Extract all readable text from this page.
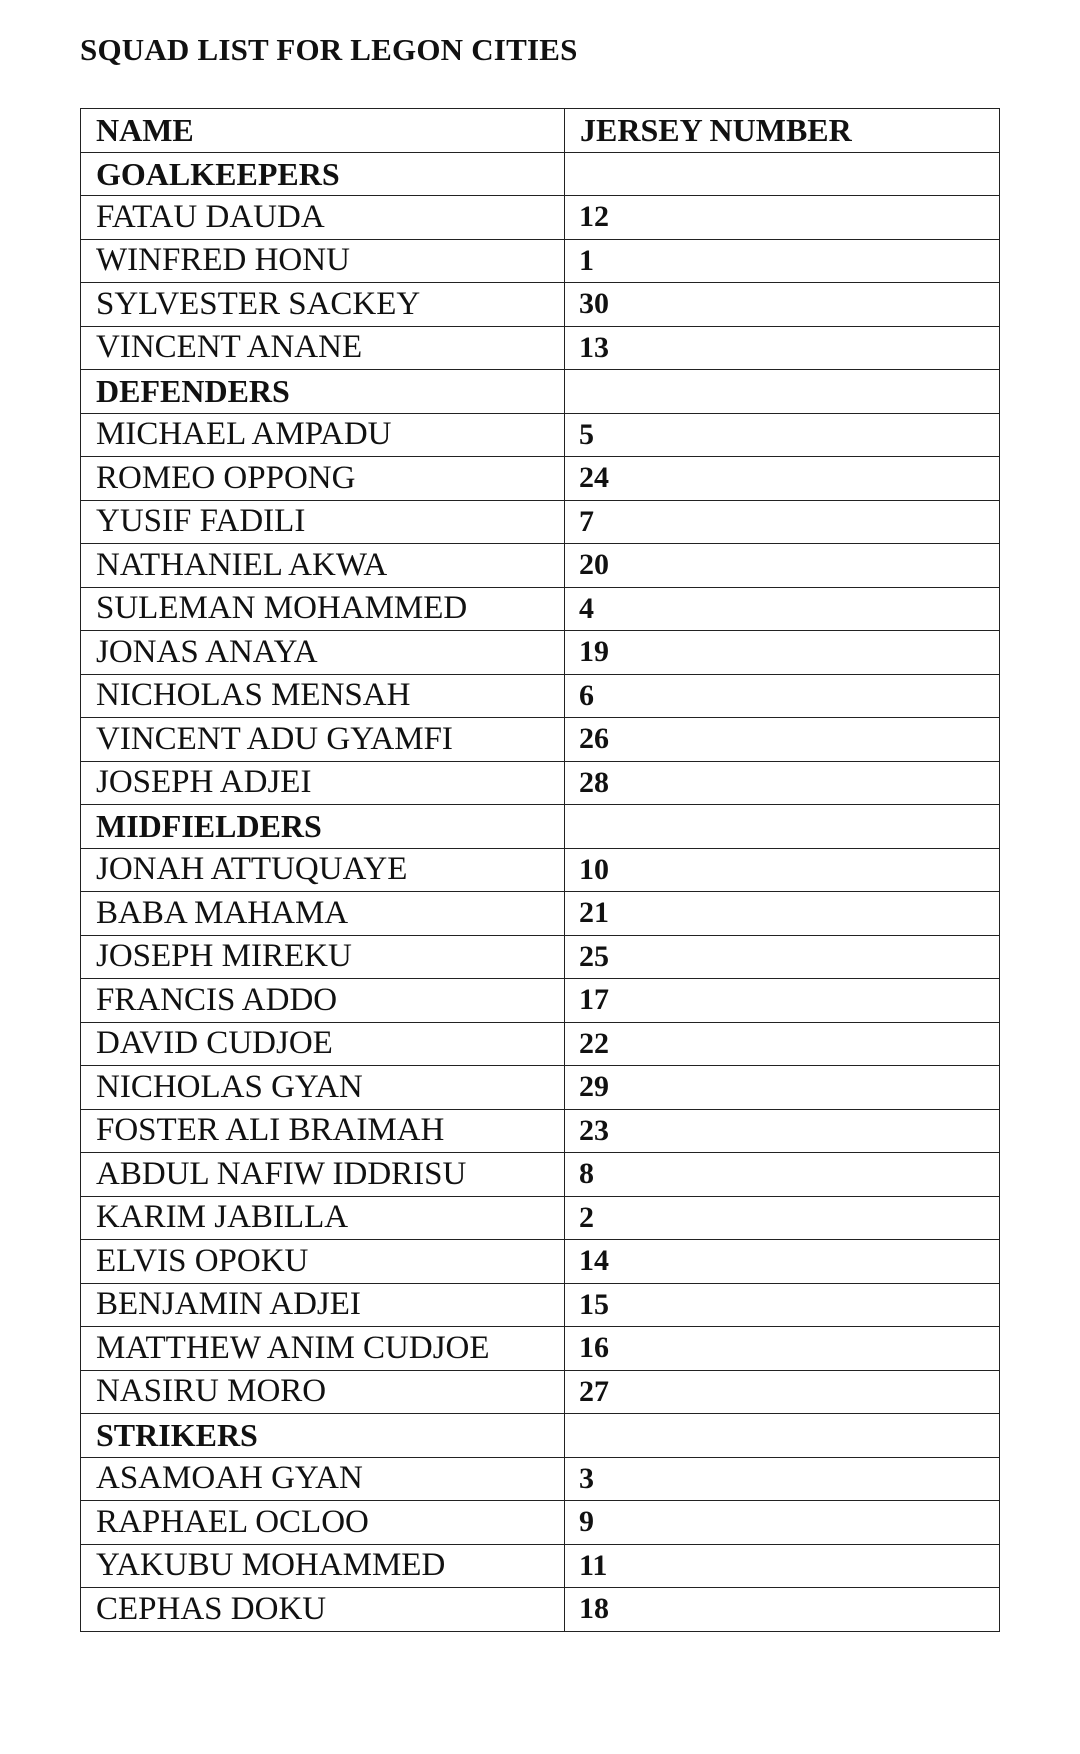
SQUAD LIST FOR LEGON CITIES
NAME	JERSEY NUMBER
GOALKEEPERS	
FATAU DAUDA	12
WINFRED HONU	1
SYLVESTER SACKEY	30
VINCENT ANANE	13
DEFENDERS	
MICHAEL AMPADU	5
ROMEO OPPONG	24
YUSIF FADILI	7
NATHANIEL AKWA	20
SULEMAN MOHAMMED	4
JONAS ANAYA	19
NICHOLAS MENSAH	6
VINCENT ADU GYAMFI	26
JOSEPH ADJEI	28
MIDFIELDERS	
JONAH ATTUQUAYE	10
BABA MAHAMA	21
JOSEPH MIREKU	25
FRANCIS ADDO	17
DAVID CUDJOE	22
NICHOLAS GYAN	29
FOSTER ALI BRAIMAH	23
ABDUL NAFIW IDDRISU	8
KARIM JABILLA	2
ELVIS OPOKU	14
BENJAMIN ADJEI	15
MATTHEW ANIM CUDJOE	16
NASIRU MORO	27
STRIKERS	
ASAMOAH GYAN	3
RAPHAEL OCLOO	9
YAKUBU MOHAMMED	11
CEPHAS DOKU	18
